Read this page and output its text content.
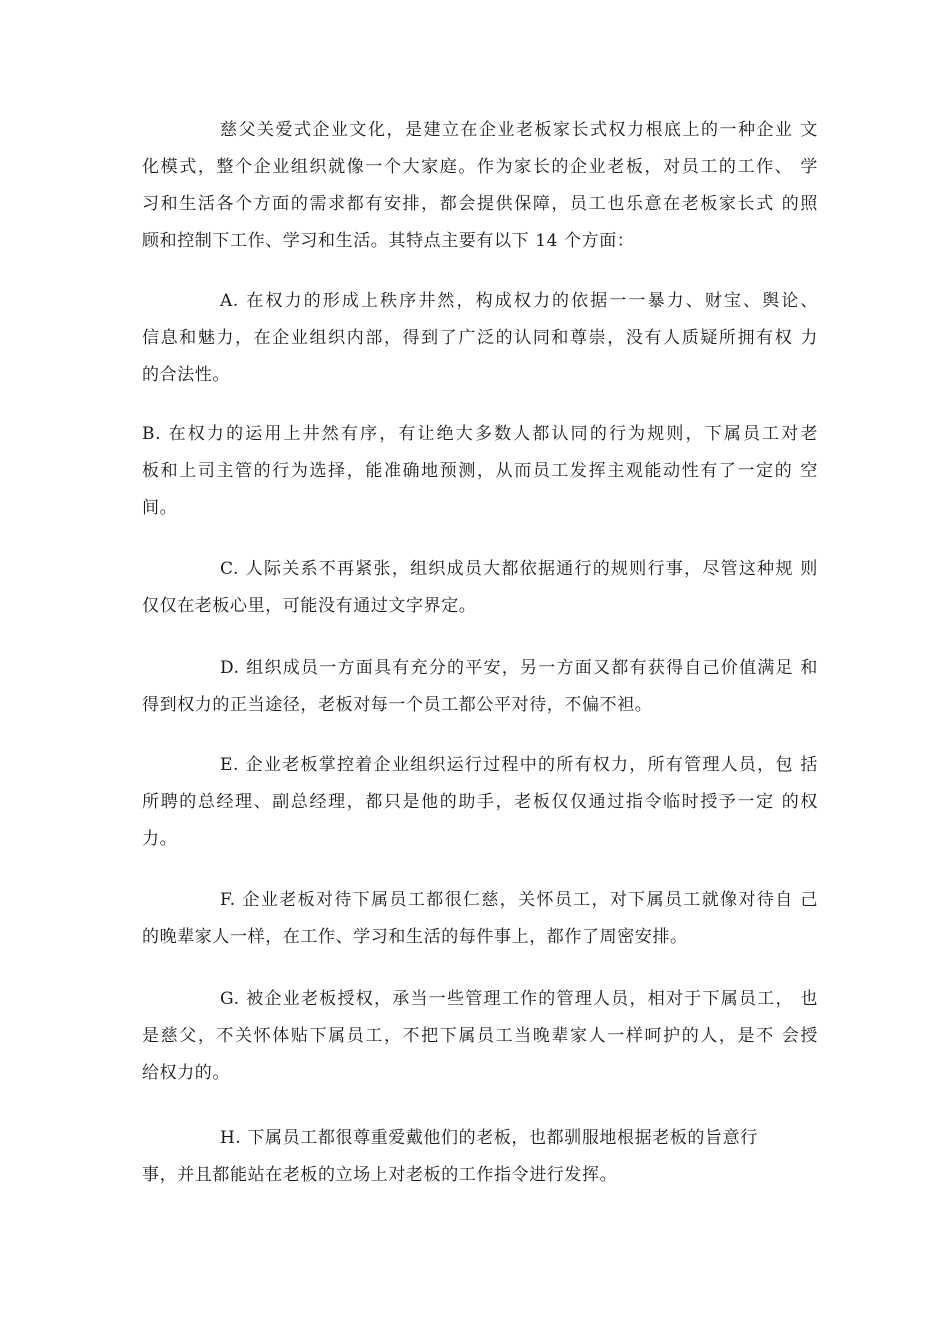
慈父关爱式企业文化，是建立在企业老板家长式权力根底上的一种企业 文
化模式，整个企业组织就像一个大家庭。作为家长的企业老板，对员工的工作、 学
习和生活各个方面的需求都有安排，都会提供保障，员工也乐意在老板家长式 的照
顾和控制下工作、学习和生活。其特点主要有以下 14 个方面：
A. 在权力的形成上秩序井然，构成权力的依据一一暴力、财宝、舆论、
信息和魅力，在企业组织内部，得到了广泛的认同和尊崇，没有人质疑所拥有权 力
的合法性。
B. 在权力的运用上井然有序，有让绝大多数人都认同的行为规则，下属员工对老
板和上司主管的行为选择，能准确地预测，从而员工发挥主观能动性有了一定的 空
间。
C. 人际关系不再紧张，组织成员大都依据通行的规则行事，尽管这种规 则
仅仅在老板心里，可能没有通过文字界定。
D. 组织成员一方面具有充分的平安，另一方面又都有获得自己价值满足 和
得到权力的正当途径，老板对每一个员工都公平对待，不偏不袒。
E. 企业老板掌控着企业组织运行过程中的所有权力，所有管理人员，包 括
所聘的总经理、副总经理，都只是他的助手，老板仅仅通过指令临时授予一定 的权
力。
F. 企业老板对待下属员工都很仁慈，关怀员工，对下属员工就像对待自 己
的晚辈家人一样，在工作、学习和生活的每件事上，都作了周密安排。
G. 被企业老板授权，承当一些管理工作的管理人员，相对于下属员工， 也
是慈父，不关怀体贴下属员工，不把下属员工当晚辈家人一样呵护的人，是不 会授
给权力的。
H. 下属员工都很尊重爱戴他们的老板，也都驯服地根据老板的旨意行
事，并且都能站在老板的立场上对老板的工作指令进行发挥。
